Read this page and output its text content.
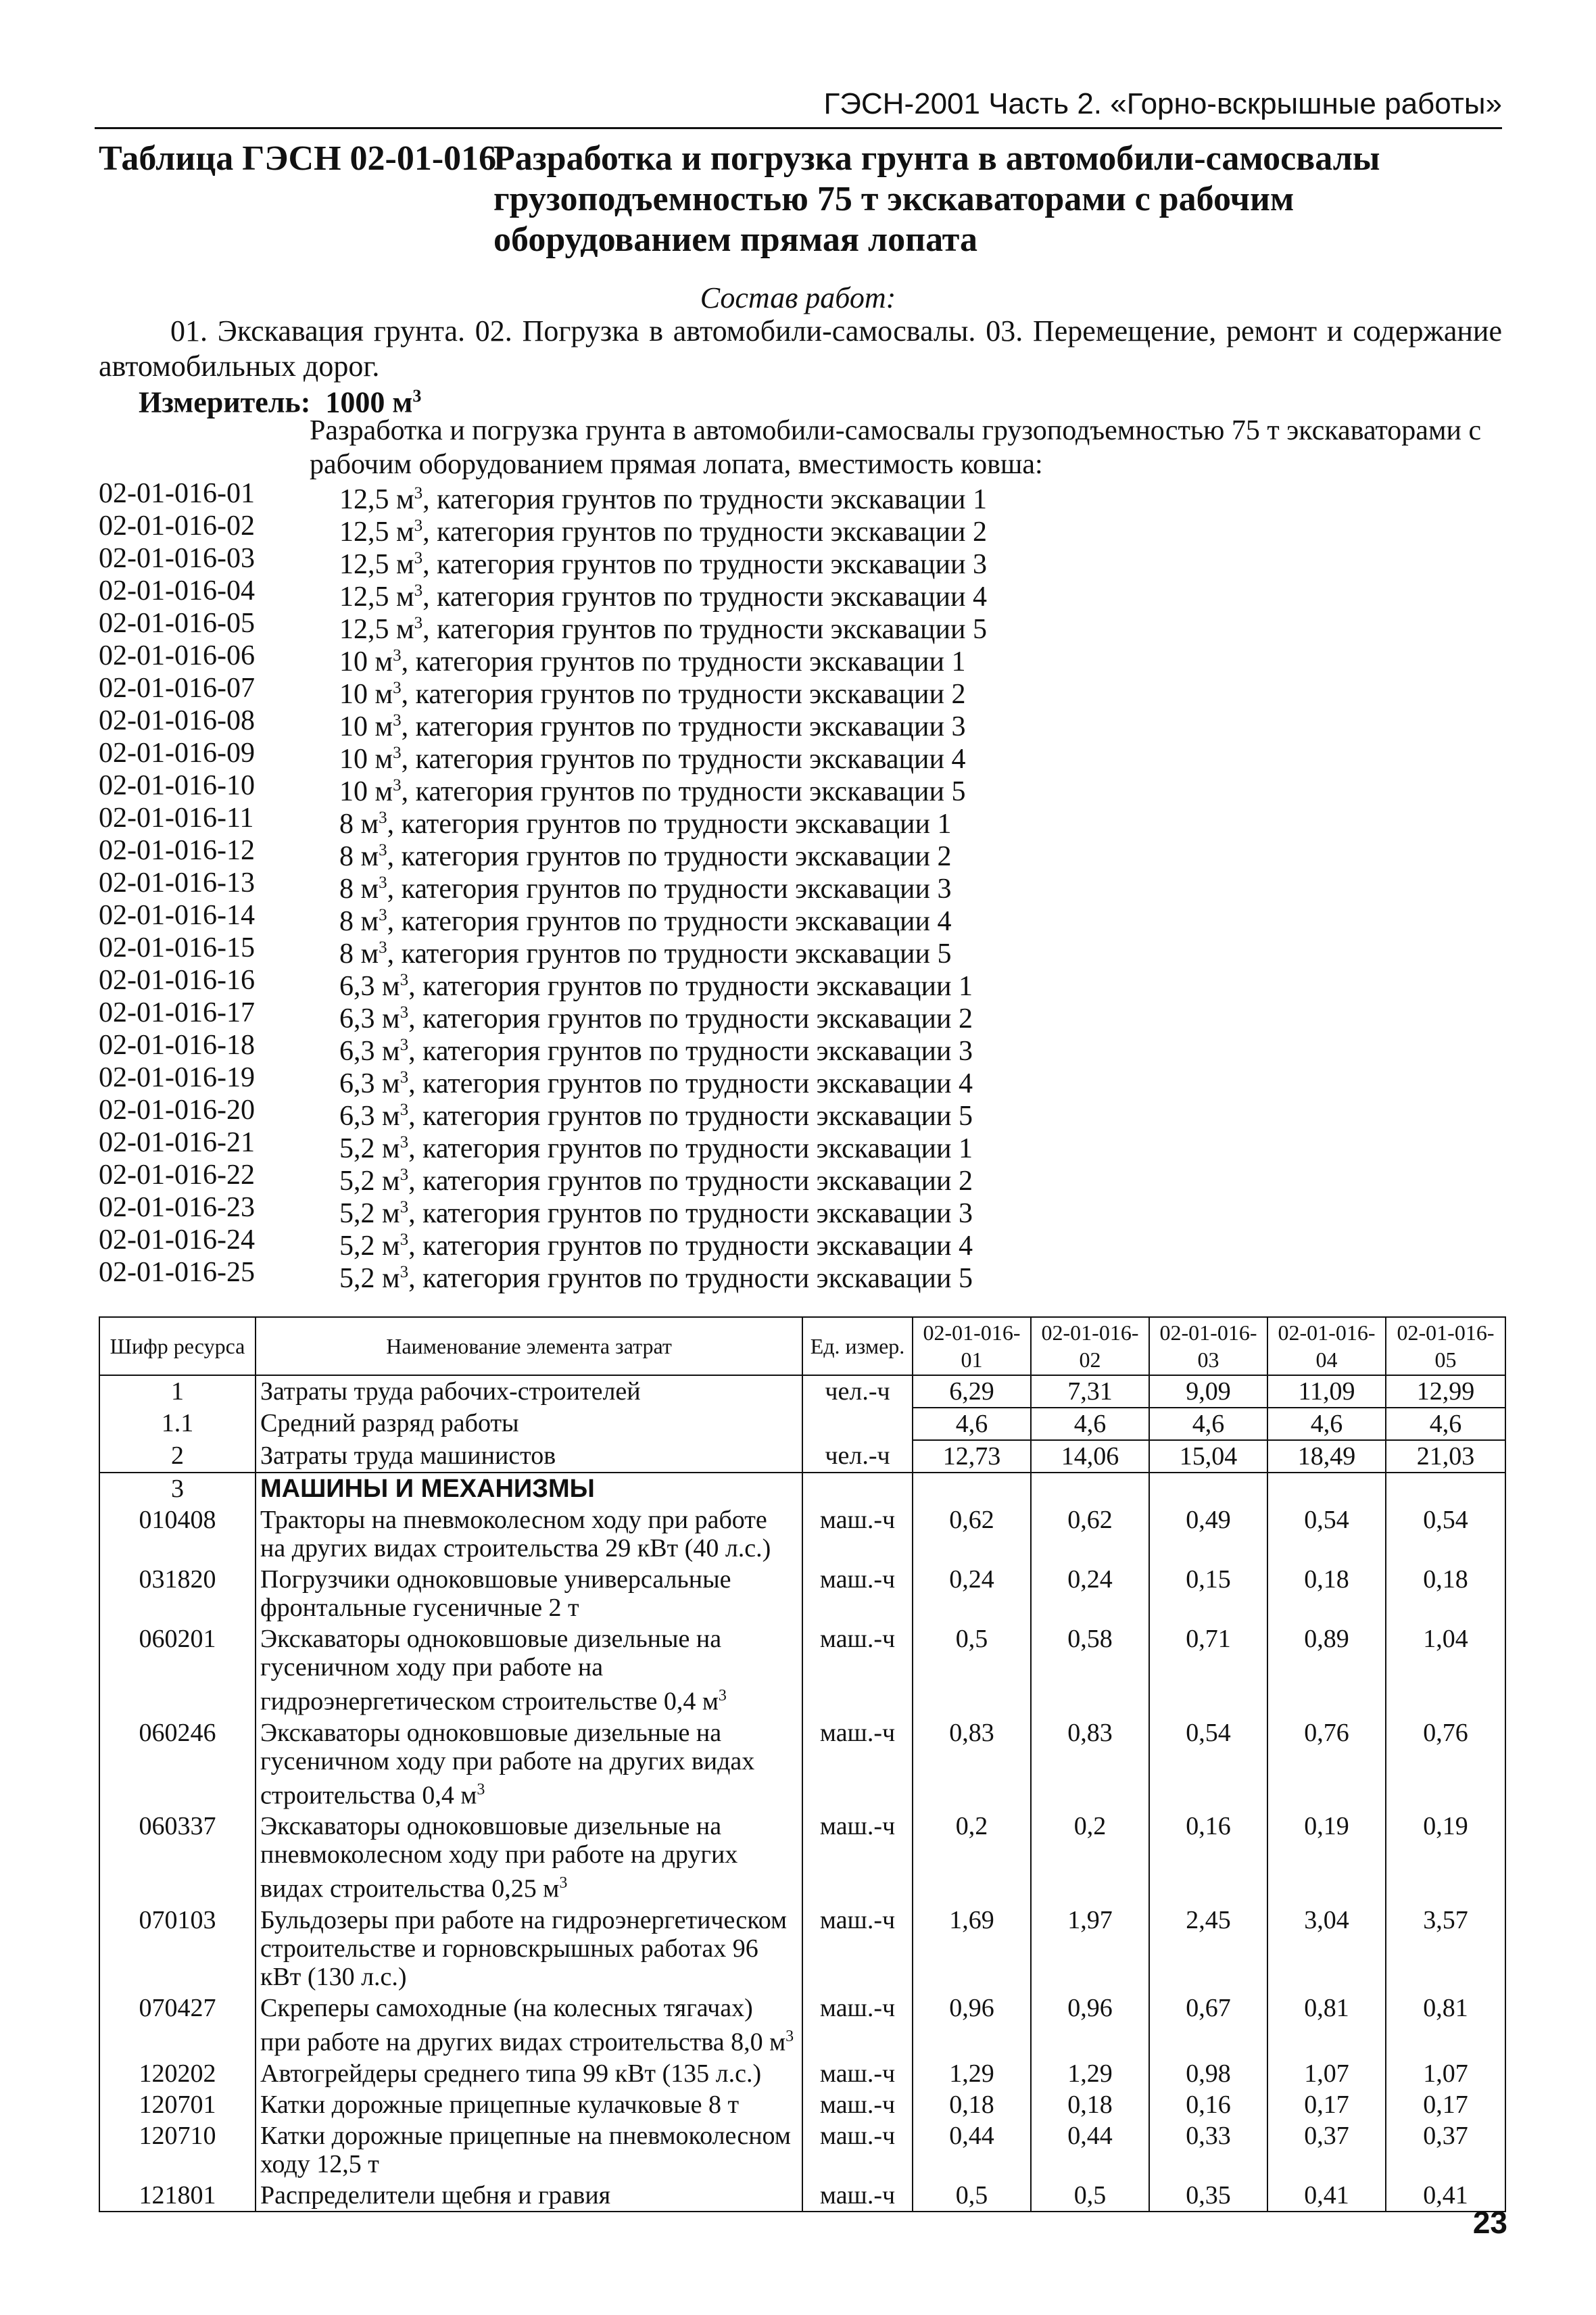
ГЭСН-2001 Часть 2. «Горно-вскрышные работы»
Таблица ГЭСН 02-01-016
Разработка и погрузка грунта в автомобили-самосвалы грузоподъемностью 75 т экскаваторами с рабочим оборудованием прямая лопата
Состав работ:
01. Экскавация грунта. 02. Погрузка в автомобили-самосвалы. 03. Перемещение, ремонт и содержание автомобильных дорог.
Измеритель: 1000 $м^3$
Разработка и погрузка грунта в автомобили-самосвалы грузоподъемностью 75 т экскаваторами с рабочим оборудованием прямая лопата, вместимость ковша:
02-01-016-01	12,5 $м^3$, категория грунтов по трудности экскавации 1
02-01-016-02	12,5 $м^3$, категория грунтов по трудности экскавации 2
02-01-016-03	12,5 $м^3$, категория грунтов по трудности экскавации 3
02-01-016-04	12,5 $м^3$, категория грунтов по трудности экскавации 4
02-01-016-05	12,5 $м^3$, категория грунтов по трудности экскавации 5
02-01-016-06	10 $м^3$, категория грунтов по трудности экскавации 1
02-01-016-07	10 $м^3$, категория грунтов по трудности экскавации 2
02-01-016-08	10 $м^3$, категория грунтов по трудности экскавации 3
02-01-016-09	10 $м^3$, категория грунтов по трудности экскавации 4
02-01-016-10	10 $м^3$, категория грунтов по трудности экскавации 5
02-01-016-11	8 $м^3$, категория грунтов по трудности экскавации 1
02-01-016-12	8 $м^3$, категория грунтов по трудности экскавации 2
02-01-016-13	8 $м^3$, категория грунтов по трудности экскавации 3
02-01-016-14	8 $м^3$, категория грунтов по трудности экскавации 4
02-01-016-15	8 $м^3$, категория грунтов по трудности экскавации 5
02-01-016-16	6,3 $м^3$, категория грунтов по трудности экскавации 1
02-01-016-17	6,3 $м^3$, категория грунтов по трудности экскавации 2
02-01-016-18	6,3 $м^3$, категория грунтов по трудности экскавации 3
02-01-016-19	6,3 $м^3$, категория грунтов по трудности экскавации 4
02-01-016-20	6,3 $м^3$, категория грунтов по трудности экскавации 5
02-01-016-21	5,2 $м^3$, категория грунтов по трудности экскавации 1
02-01-016-22	5,2 $м^3$, категория грунтов по трудности экскавации 2
02-01-016-23	5,2 $м^3$, категория грунтов по трудности экскавации 3
02-01-016-24	5,2 $м^3$, категория грунтов по трудности экскавации 4
02-01-016-25	5,2 $м^3$, категория грунтов по трудности экскавации 5
Шифр ресурса	Наименование элемента затрат	Ед. измер.	02-01-016-01	02-01-016-02	02-01-016-03	02-01-016-04	02-01-016-05
1	Затраты труда рабочих-строителей	чел.-ч	6,29	7,31	9,09	11,09	12,99
1.1	Средний разряд работы		4,6	4,6	4,6	4,6	4,6
2	Затраты труда машинистов	чел.-ч	12,73	14,06	15,04	18,49	21,03
3	МАШИНЫ И МЕХАНИЗМЫ						
010408	Тракторы на пневмоколесном ходу при работе на других видах строительства 29 кВт (40 л.с.)	маш.-ч	0,62	0,62	0,49	0,54	0,54
031820	Погрузчики одноковшовые универсальные фронтальные гусеничные 2 т	маш.-ч	0,24	0,24	0,15	0,18	0,18
060201	Экскаваторы одноковшовые дизельные на гусеничном ходу при работе на гидроэнергетическом строительстве 0,4 $м^3$	маш.-ч	0,5	0,58	0,71	0,89	1,04
060246	Экскаваторы одноковшовые дизельные на гусеничном ходу при работе на других видах строительства 0,4 $м^3$	маш.-ч	0,83	0,83	0,54	0,76	0,76
060337	Экскаваторы одноковшовые дизельные на пневмоколесном ходу при работе на других видах строительства 0,25 $м^3$	маш.-ч	0,2	0,2	0,16	0,19	0,19
070103	Бульдозеры при работе на гидроэнергетическом строительстве и горновскрышных работах 96 кВт (130 л.с.)	маш.-ч	1,69	1,97	2,45	3,04	3,57
070427	Скреперы самоходные (на колесных тягачах) при работе на других видах строительства 8,0 $м^3$	маш.-ч	0,96	0,96	0,67	0,81	0,81
120202	Автогрейдеры среднего типа 99 кВт (135 л.с.)	маш.-ч	1,29	1,29	0,98	1,07	1,07
120701	Катки дорожные прицепные кулачковые 8 т	маш.-ч	0,18	0,18	0,16	0,17	0,17
120710	Катки дорожные прицепные на пневмоколесном ходу 12,5 т	маш.-ч	0,44	0,44	0,33	0,37	0,37
121801	Распределители щебня и гравия	маш.-ч	0,5	0,5	0,35	0,41	0,41
23
